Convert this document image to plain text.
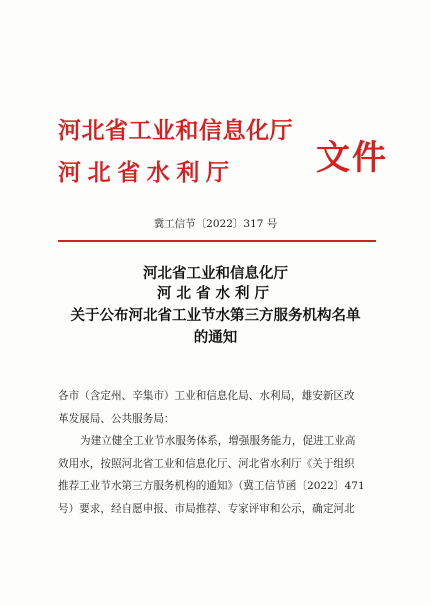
河北省工业和信息化厅
河北省水利厅	文件
冀工信节〔2022〕317 号
河北省工业和信息化厅
河北省水利厅
关于公布河北省工业节水第三方服务机构名单
的通知
各市（含定州、辛集市）工业和信息化局、水利局，雄安新区改
革发展局、公共服务局：
为建立健全工业节水服务体系，增强服务能力，促进工业高
效用水，按照河北省工业和信息化厅、河北省水利厅《关于组织
推荐工业节水第三方服务机构的通知》（冀工信节函〔2022〕471
号）要求，经自愿申报、市局推荐、专家评审和公示，确定河北
